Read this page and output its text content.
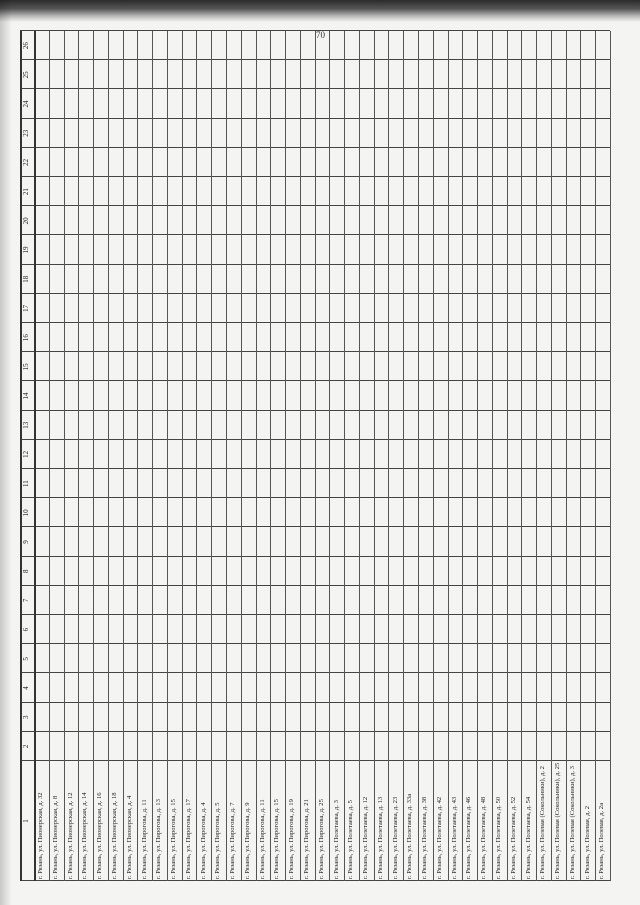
70
1
2
3
4
5
6
7
8
9
10
11
12
13
14
15
16
17
18
19
20
21
22
23
24
25
26
г. Рязань, ул. Пионерская, д. 32 г. Рязань, ул. Пионерская, д. 8 г. Рязань, ул. Пионерская, д. 12 г. Рязань, ул. Пионерская, д. 14 г. Рязань, ул. Пионерская, д. 16 г. Рязань, ул. Пионерская, д. 18 г. Рязань, ул. Пионерская, д. 4 г. Рязань, ул. Пирогова, д. 11 г. Рязань, ул. Пирогова, д. 13 г. Рязань, ул. Пирогова, д. 15 г. Рязань, ул. Пирогова, д. 17 г. Рязань, ул. Пирогова, д. 4 г. Рязань, ул. Пирогова, д. 5 г. Рязань, ул. Пирогова, д. 7 г. Рязань, ул. Пирогова, д. 9 г. Рязань, ул. Пирогова, д. 11 г. Рязань, ул. Пирогова, д. 15 г. Рязань, ул. Пирогова, д. 19 г. Рязань, ул. Пирогова, д. 21 г. Рязань, ул. Пирогова, д. 25 г. Рязань, ул. Полетаева, д. 3 г. Рязань, ул. Полетаева, д. 5 г. Рязань, ул. Полетаева, д. 12 г. Рязань, ул. Полетаева, д. 13 г. Рязань, ул. Полетаева, д. 23 г. Рязань, ул. Полетаева, д. 33а г. Рязань, ул. Полетаева, д. 38 г. Рязань, ул. Полетаева, д. 42 г. Рязань, ул. Полетаева, д. 43 г. Рязань, ул. Полетаева, д. 46 г. Рязань, ул. Полетаева, д. 48 г. Рязань, ул. Полетаева, д. 50 г. Рязань, ул. Полетаева, д. 52 г. Рязань, ул. Полетаева, д. 54 г. Рязань, ул. Полевая (Сокольники), д. 2 г. Рязань, ул. Полевая (Сокольники), д. 25 г. Рязань, ул. Полевая (Сокольники), д. 3 г. Рязань, ул. Полевая, д. 2 г. Рязань, ул. Полевая, д. 2а
